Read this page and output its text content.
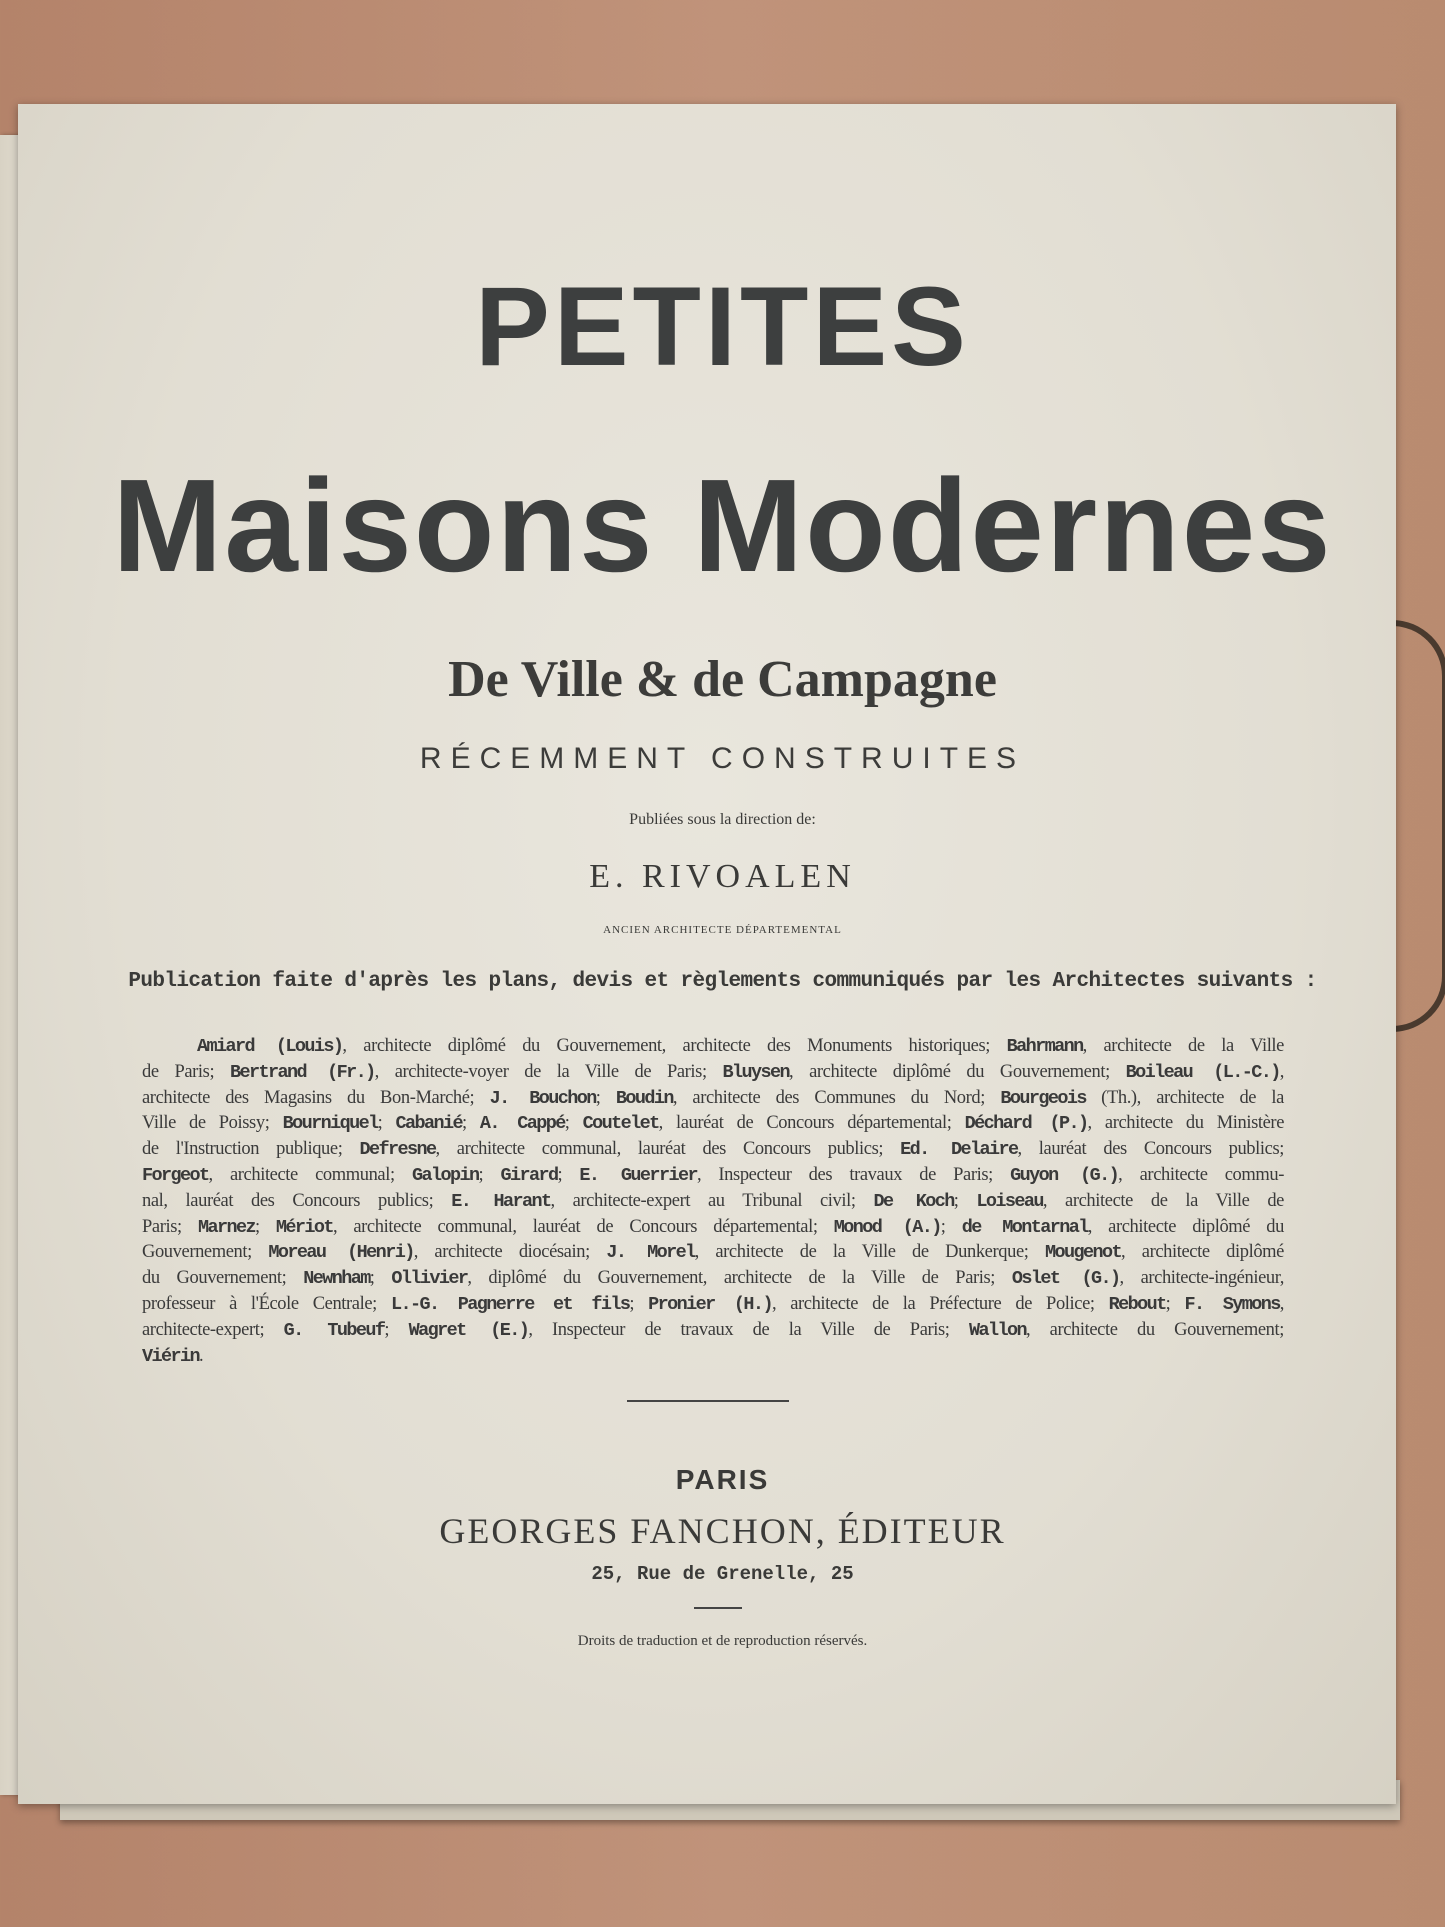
PETITES
Maisons Modernes
De Ville & de Campagne
RÉCEMMENT CONSTRUITES
Publiées sous la direction de:
E. RIVOALEN
ANCIEN ARCHITECTE DÉPARTEMENTAL
Publication faite d'après les plans, devis et règlements communiqués par les Architectes suivants :
Amiard (Louis), architecte diplômé du Gouvernement, architecte des Monuments historiques; Bahrmann, architecte de la Ville
de Paris; Bertrand (Fr.), architecte-voyer de la Ville de Paris; Bluysen, architecte diplômé du Gouvernement; Boileau (L.-C.),
architecte des Magasins du Bon-Marché; J. Bouchon; Boudin, architecte des Communes du Nord; Bourgeois (Th.), architecte de la
Ville de Poissy; Bourniquel; Cabanié; A. Cappé; Coutelet, lauréat de Concours départemental; Déchard (P.), architecte du Ministère
de l'Instruction publique; Defresne, architecte communal, lauréat des Concours publics; Ed. Delaire, lauréat des Concours publics;
Forgeot, architecte communal; Galopin; Girard; E. Guerrier, Inspecteur des travaux de Paris; Guyon (G.), architecte commu-
nal, lauréat des Concours publics; E. Harant, architecte-expert au Tribunal civil; De Koch; Loiseau, architecte de la Ville de
Paris; Marnez; Mériot, architecte communal, lauréat de Concours départemental; Monod (A.); de Montarnal, architecte diplômé du
Gouvernement; Moreau (Henri), architecte diocésain; J. Morel, architecte de la Ville de Dunkerque; Mougenot, architecte diplômé
du Gouvernement; Newnham; Ollivier, diplômé du Gouvernement, architecte de la Ville de Paris; Oslet (G.), architecte-ingénieur,
professeur à l'École Centrale; L.-G. Pagnerre et fils; Pronier (H.), architecte de la Préfecture de Police; Rebout; F. Symons,
architecte-expert; G. Tubeuf; Wagret (E.), Inspecteur de travaux de la Ville de Paris; Wallon, architecte du Gouvernement;
Viérin.
PARIS
GEORGES FANCHON, ÉDITEUR
25, Rue de Grenelle, 25
Droits de traduction et de reproduction réservés.
